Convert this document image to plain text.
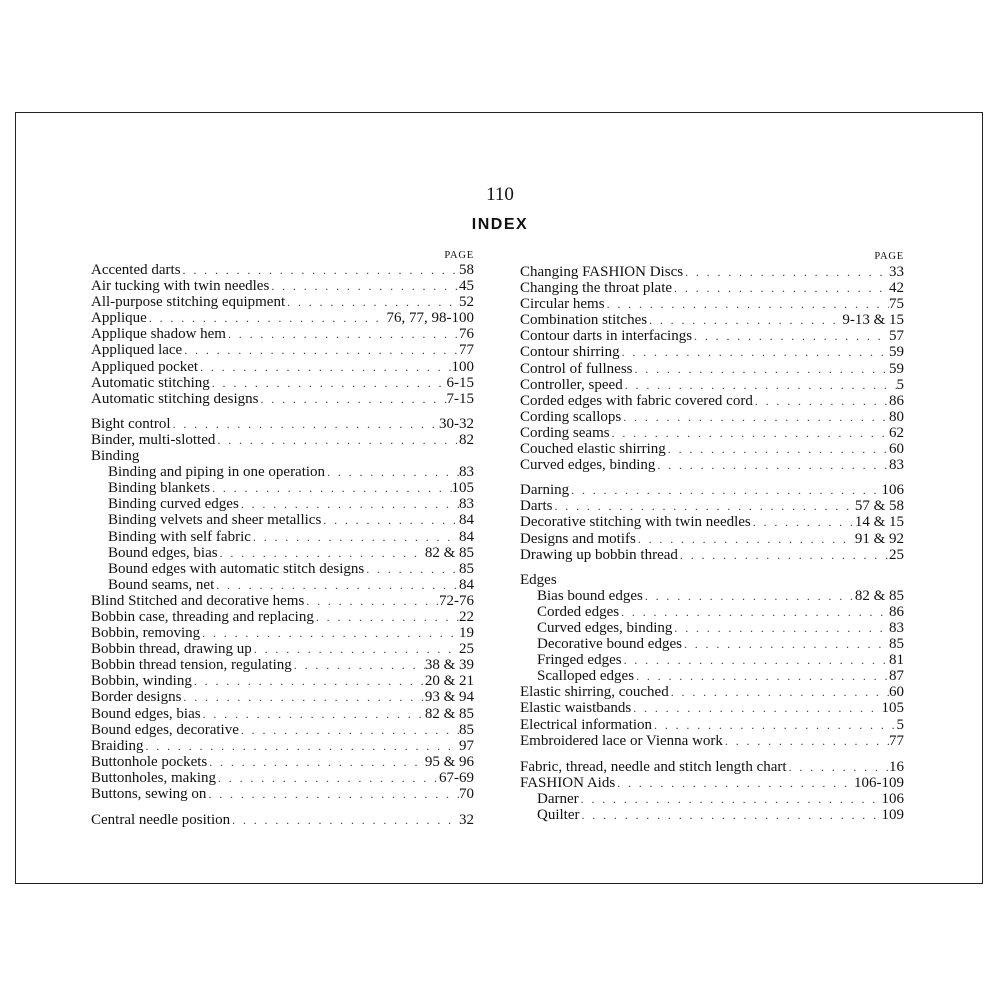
110
INDEX
PAGE
Accented darts . . .	58
Air tucking with twin needles . . .	45
All-purpose stitching equipment . . .	52
Applique . . .	76, 77, 98-100
Applique shadow hem . . .	76
Appliqued lace . . .	77
Appliqued pocket . . .	100
Automatic stitching . . .	6-15
Automatic stitching designs . . .	7-15
Bight control . . .	30-32
Binder, multi-slotted . . .	82
Binding
Binding and piping in one operation . . .	83
Binding blankets . . .	105
Binding curved edges . . .	83
Binding velvets and sheer metallics . . .	84
Binding with self fabric . . .	84
Bound edges, bias . . .	82 & 85
Bound edges with automatic stitch designs . . .	85
Bound seams, net . . .	84
Blind Stitched and decorative hems . . .	72-76
Bobbin case, threading and replacing . . .	22
Bobbin, removing . . .	19
Bobbin thread, drawing up . . .	25
Bobbin thread tension, regulating . . .	38 & 39
Bobbin, winding . . .	20 & 21
Border designs . . .	93 & 94
Bound edges, bias . . .	82 & 85
Bound edges, decorative . . .	85
Braiding . . .	97
Buttonhole pockets . . .	95 & 96
Buttonholes, making . . .	67-69
Buttons, sewing on . . .	70
Central needle position . . .	32
PAGE
Changing FASHION Discs . . .	33
Changing the throat plate . . .	42
Circular hems . . .	75
Combination stitches . . .	9-13 & 15
Contour darts in interfacings . . .	57
Contour shirring . . .	59
Control of fullness . . .	59
Controller, speed . . .	5
Corded edges with fabric covered cord . . .	86
Cording scallops . . .	80
Cording seams . . .	62
Couched elastic shirring . . .	60
Curved edges, binding . . .	83
Darning . . .	106
Darts . . .	57 & 58
Decorative stitching with twin needles . . .	14 & 15
Designs and motifs . . .	91 & 92
Drawing up bobbin thread . . .	25
Edges
Bias bound edges . . .	82 & 85
Corded edges . . .	86
Curved edges, binding . . .	83
Decorative bound edges . . .	85
Fringed edges . . .	81
Scalloped edges . . .	87
Elastic shirring, couched . . .	60
Elastic waistbands . . .	105
Electrical information . . .	5
Embroidered lace or Vienna work . . .	77
Fabric, thread, needle and stitch length chart . . .	16
FASHION Aids . . .	106-109
Darner . . .	106
Quilter . . .	109
